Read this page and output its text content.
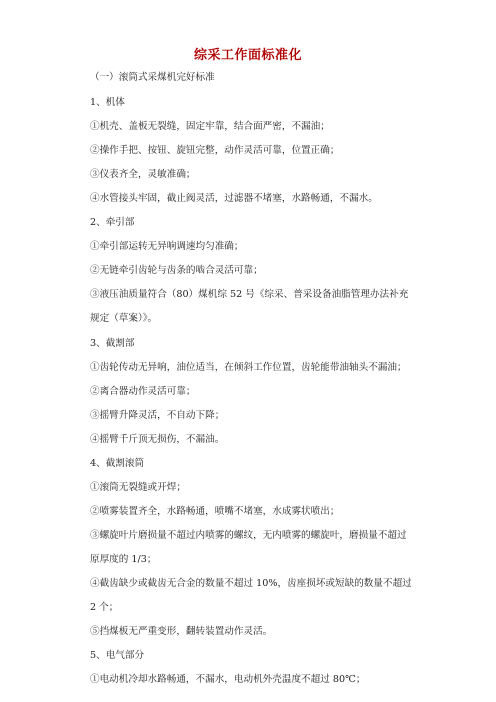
综采工作面标准化
（一）滚筒式采煤机完好标准
1、机体
①机壳、盖板无裂缝，固定牢靠，结合面严密，不漏油；
②操作手把、按钮、旋钮完整，动作灵活可靠，位置正确；
③仪表齐全，灵敏准确；
④水管接头牢固，截止阀灵活，过滤器不堵塞，水路畅通，不漏水。
2、牵引部
①牵引部运转无异响调速均匀准确；
②无链牵引齿轮与齿条的啮合灵活可靠；
③液压油质量符合（80）煤机综 52 号《综采、普采设备油脂管理办法补充
规定（草案）》。
3、截割部
①齿轮传动无异响，油位适当，在倾斜工作位置，齿轮能带油轴头不漏油；
②离合器动作灵活可靠；
③摇臂升降灵活，不自动下降；
④摇臂千斤顶无损伤，不漏油。
4、截割滚筒
①滚筒无裂缝或开焊；
②喷雾装置齐全，水路畅通，喷嘴不堵塞，水成雾状喷出；
③螺旋叶片磨损量不超过内喷雾的螺纹，无内喷雾的螺旋叶，磨损量不超过
原厚度的 1/3；
④截齿缺少或截齿无合金的数量不超过 10%，齿座损坏或短缺的数量不超过
2 个；
⑤挡煤板无严重变形，翻转装置动作灵活。
5、电气部分
①电动机冷却水路畅通，不漏水，电动机外壳温度不超过 80℃；
